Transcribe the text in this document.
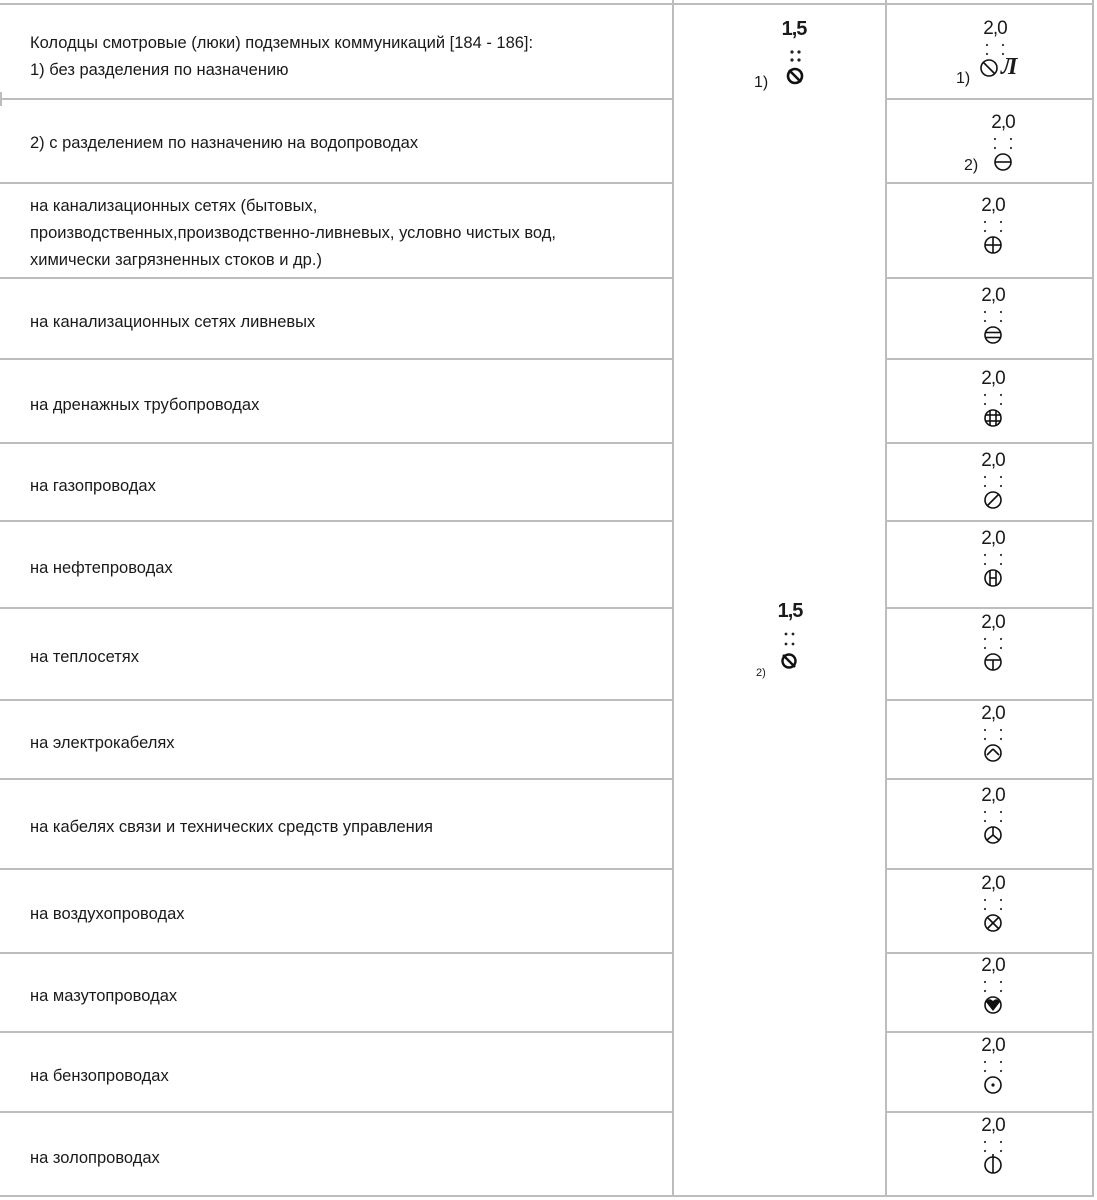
Колодцы смотровые (люки) подземных коммуникаций [184 - 186]:
1) без разделения по назначению
2) с разделением по назначению на водопроводах
на канализационных сетях (бытовых,
производственных,производственно-ливневых, условно чистых вод,
химически загрязненных стоков и др.)
на канализационных сетях ливневых
на дренажных трубопроводах
на газопроводах
на нефтепроводах
на теплосетях
на электрокабелях
на кабелях связи и технических средств управления
на воздухопроводах
на мазутопроводах
на бензопроводах
на золопроводах
1,5
1)
1,5
2)
2,0
Л
2,0
2,0
2,0
2,0
2,0
2,0
2,0
2,0
2,0
2,0
2,0
2,0
2,0
1)
2)
